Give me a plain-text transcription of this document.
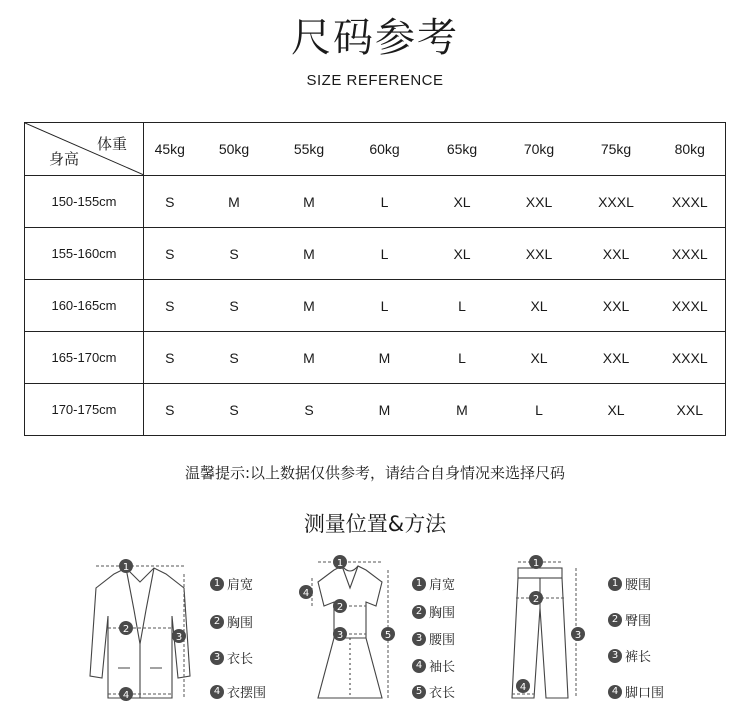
尺码参考
SIZE REFERENCE
体重
身高	45kg	50kg	55kg	60kg	65kg	70kg	75kg	80kg
150-155cm	S	M	M	L	XL	XXL	XXXL	XXXL
155-160cm	S	S	M	L	XL	XXL	XXL	XXXL
160-165cm	S	S	M	L	L	XL	XXL	XXXL
165-170cm	S	S	M	M	L	XL	XXL	XXXL
170-175cm	S	S	S	M	M	L	XL	XXL
温馨提示:以上数据仅供参考，请结合自身情况来选择尺码
测量位置&方法
1
2
3
4
1 肩宽
2 胸围
3 衣长
4 衣摆围
1
2
3
4
5
1 肩宽
2 胸围
3 腰围
4 袖长
5 衣长
1
2
3
4
1 腰围
2 臀围
3 裤长
4 脚口围
